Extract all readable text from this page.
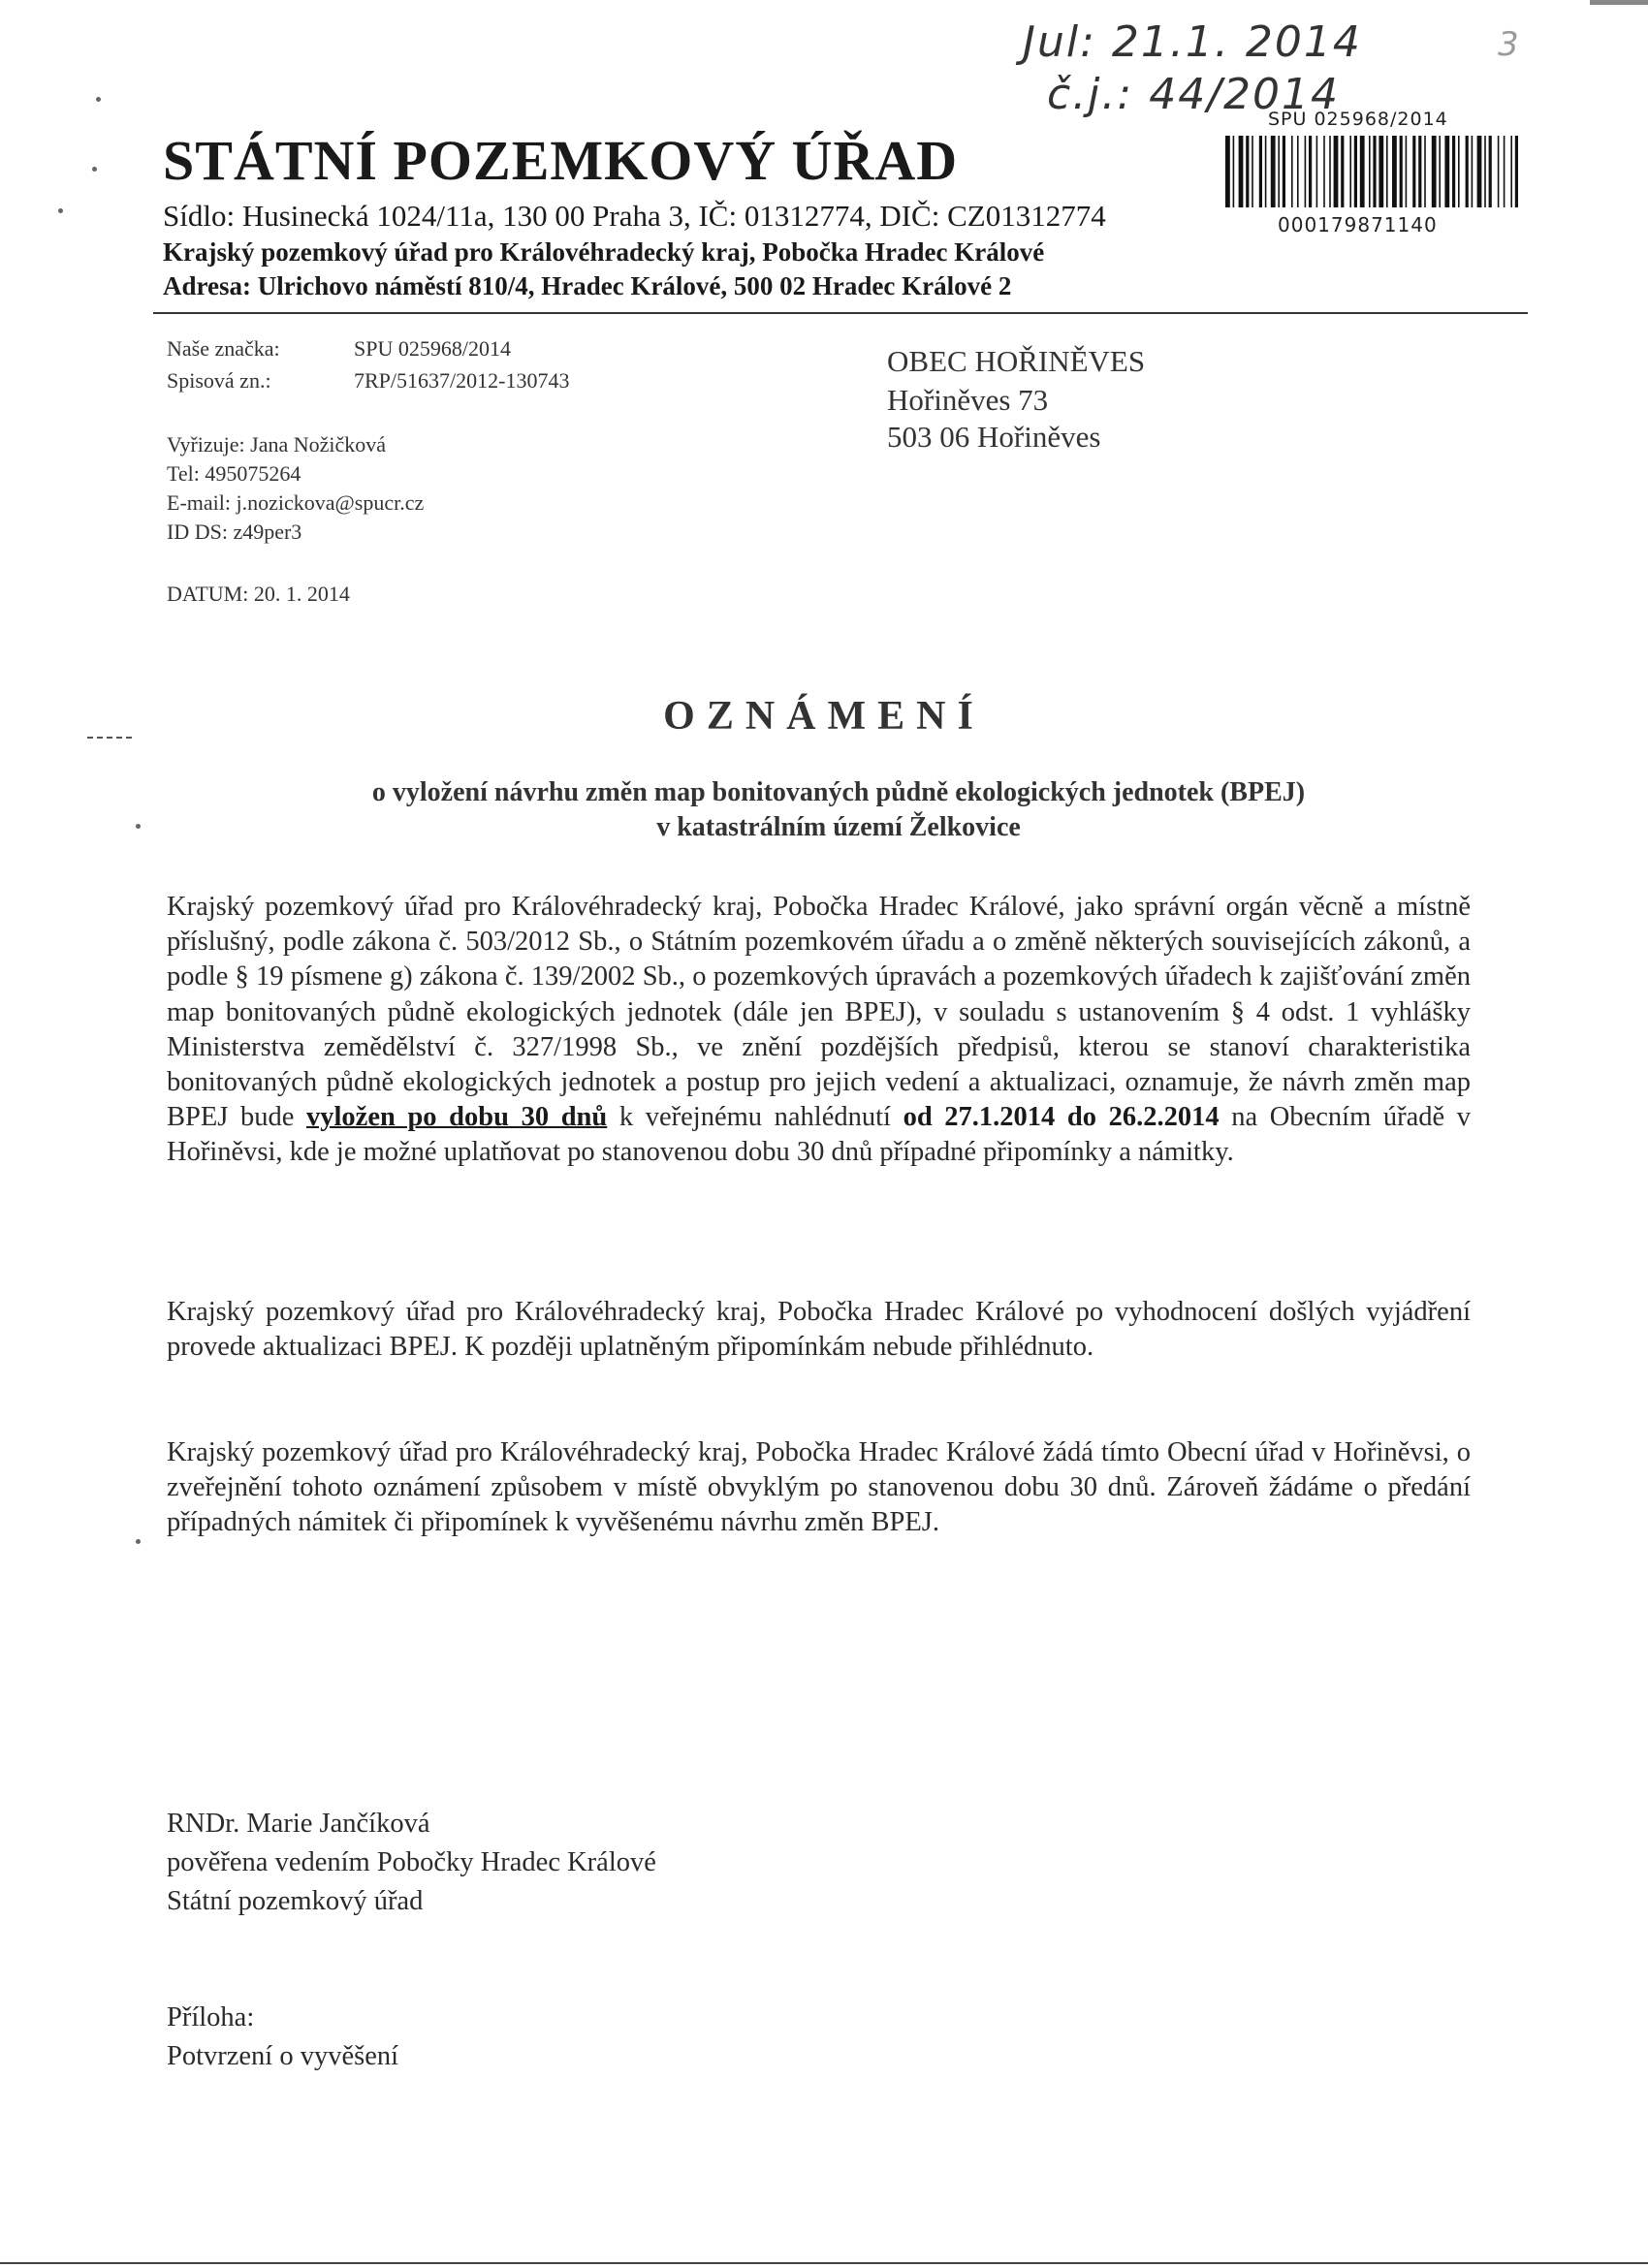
Jul: 21.1. 2014
č.j.: 44/2014
3
SPU 025968/2014
000179871140
STÁTNÍ POZEMKOVÝ ÚŘAD
Sídlo: Husinecká 1024/11a, 130 00 Praha 3, IČ: 01312774, DIČ: CZ01312774
Krajský pozemkový úřad pro Královéhradecký kraj, Pobočka Hradec Králové
Adresa: Ulrichovo náměstí 810/4, Hradec Králové, 500 02 Hradec Králové 2
Naše značka:	SPU 025968/2014
Spisová zn.:	7RP/51637/2012-130743
Vyřizuje: Jana Nožičková
Tel: 495075264
E-mail: j.nozickova@spucr.cz
ID DS: z49per3
DATUM: 20. 1. 2014
OBEC HOŘINĚVES
Hořiněves 73
503 06 Hořiněves
OZNÁMENÍ
o vyložení návrhu změn map bonitovaných půdně ekologických jednotek (BPEJ)
v katastrálním území Želkovice
Krajský pozemkový úřad pro Královéhradecký kraj, Pobočka Hradec Králové, jako správní orgán věcně a místně příslušný, podle zákona č. 503/2012 Sb., o Státním pozemkovém úřadu a o změně některých souvisejících zákonů, a podle § 19 písmene g) zákona č. 139/2002 Sb., o pozemkových úpravách a pozemkových úřadech k zajišťování změn map bonitovaných půdně ekologických jednotek (dále jen BPEJ), v souladu s ustanovením § 4 odst. 1 vyhlášky Ministerstva zemědělství č. 327/1998 Sb., ve znění pozdějších předpisů, kterou se stanoví charakteristika bonitovaných půdně ekologických jednotek a postup pro jejich vedení a aktualizaci, oznamuje, že návrh změn map BPEJ bude vyložen po dobu 30 dnů k veřejnému nahlédnutí od 27.1.2014 do 26.2.2014 na Obecním úřadě v Hořiněvsi, kde je možné uplatňovat po stanovenou dobu 30 dnů případné připomínky a námitky.
Krajský pozemkový úřad pro Královéhradecký kraj, Pobočka Hradec Králové po vyhodnocení došlých vyjádření provede aktualizaci BPEJ. K později uplatněným připomínkám nebude přihlédnuto.
Krajský pozemkový úřad pro Královéhradecký kraj, Pobočka Hradec Králové žádá tímto Obecní úřad v Hořiněvsi, o zveřejnění tohoto oznámení způsobem v místě obvyklým po stanovenou dobu 30 dnů. Zároveň žádáme o předání případných námitek či připomínek k vyvěšenému návrhu změn BPEJ.
RNDr. Marie Jančíková
pověřena vedením Pobočky Hradec Králové
Státní pozemkový úřad
Příloha:
Potvrzení o vyvěšení
